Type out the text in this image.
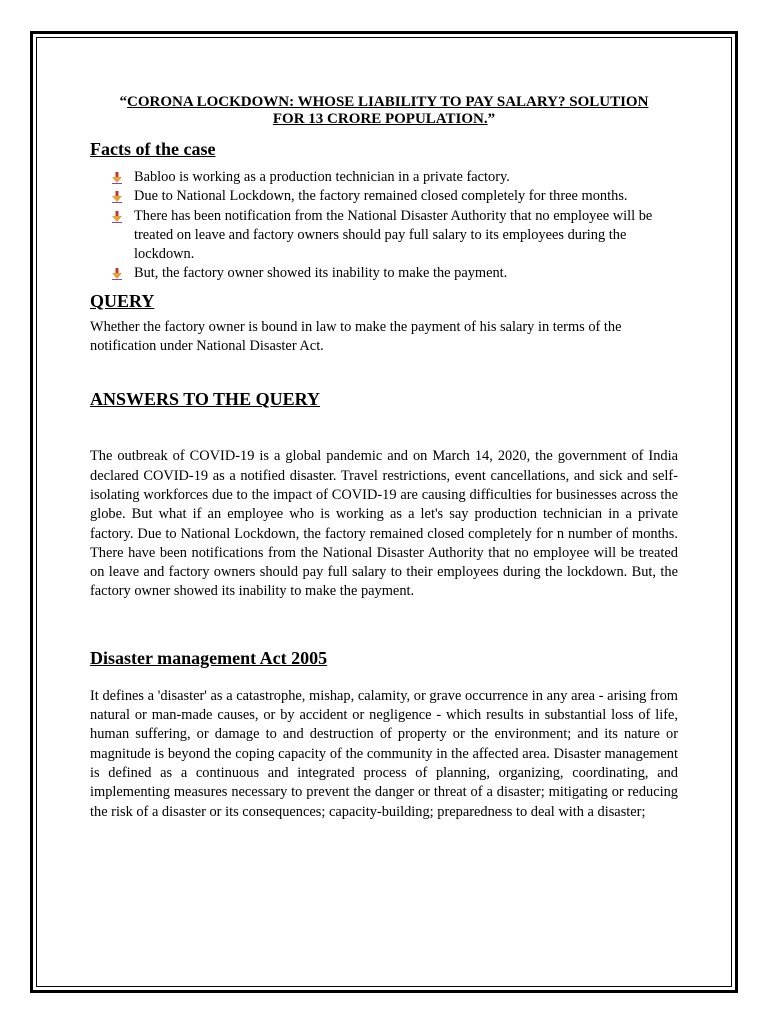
“CORONA LOCKDOWN: WHOSE LIABILITY TO PAY SALARY? SOLUTION
FOR 13 CRORE POPULATION.”

Facts of the case
Babloo is working as a production technician in a private factory.
Due to National Lockdown, the factory remained closed completely for three months.
There has been notification from the National Disaster Authority that no employee will be treated on leave and factory owners should pay full salary to its employees during the lockdown.
But, the factory owner showed its inability to make the payment.
QUERY

Whether the factory owner is bound in law to make the payment of his salary in terms of the notification under National Disaster Act.

ANSWERS TO THE QUERY

The outbreak of COVID-19 is a global pandemic and on March 14, 2020, the government of India declared COVID-19 as a notified disaster. Travel restrictions, event cancellations, and sick and self-isolating workforces due to the impact of COVID-19 are causing difficulties for businesses across the globe. But what if an employee who is working as a let's say production technician in a private factory. Due to National Lockdown, the factory remained closed completely for n number of months. There have been notifications from the National Disaster Authority that no employee will be treated on leave and factory owners should pay full salary to their employees during the lockdown. But, the factory owner showed its inability to make the payment.

Disaster management Act 2005

It defines a 'disaster' as a catastrophe, mishap, calamity, or grave occurrence in any area - arising from natural or man-made causes, or by accident or negligence - which results in substantial loss of life, human suffering, or damage to and destruction of property or the environment; and its nature or magnitude is beyond the coping capacity of the community in the affected area. Disaster management is defined as a continuous and integrated process of planning, organizing, coordinating, and implementing measures necessary to prevent the danger or threat of a disaster; mitigating or reducing the risk of a disaster or its consequences; capacity-building; preparedness to deal with a disaster;
